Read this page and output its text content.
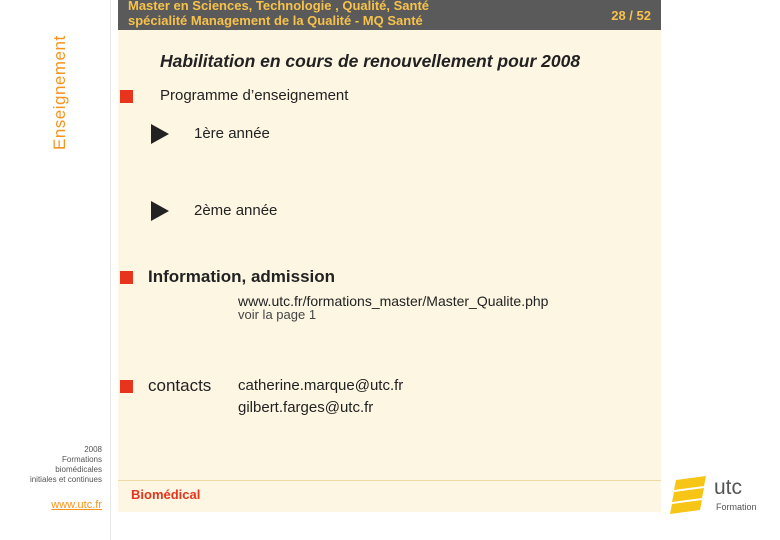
Enseignement
Master en Sciences, Technologie , Qualité, Santé
spécialité Management de la Qualité - MQ Santé	28 / 52
Habilitation en cours de renouvellement pour 2008
Programme d’enseignement
1ère année
2ème année
Information, admission
www.utc.fr/formations_master/Master_Qualite.php
voir la page 1
contacts catherine.marque@utc.fr
gilbert.farges@utc.fr
2008
Formations
biomédicales
initiales et continues
www.utc.fr
Biomédical	utc
Formation
